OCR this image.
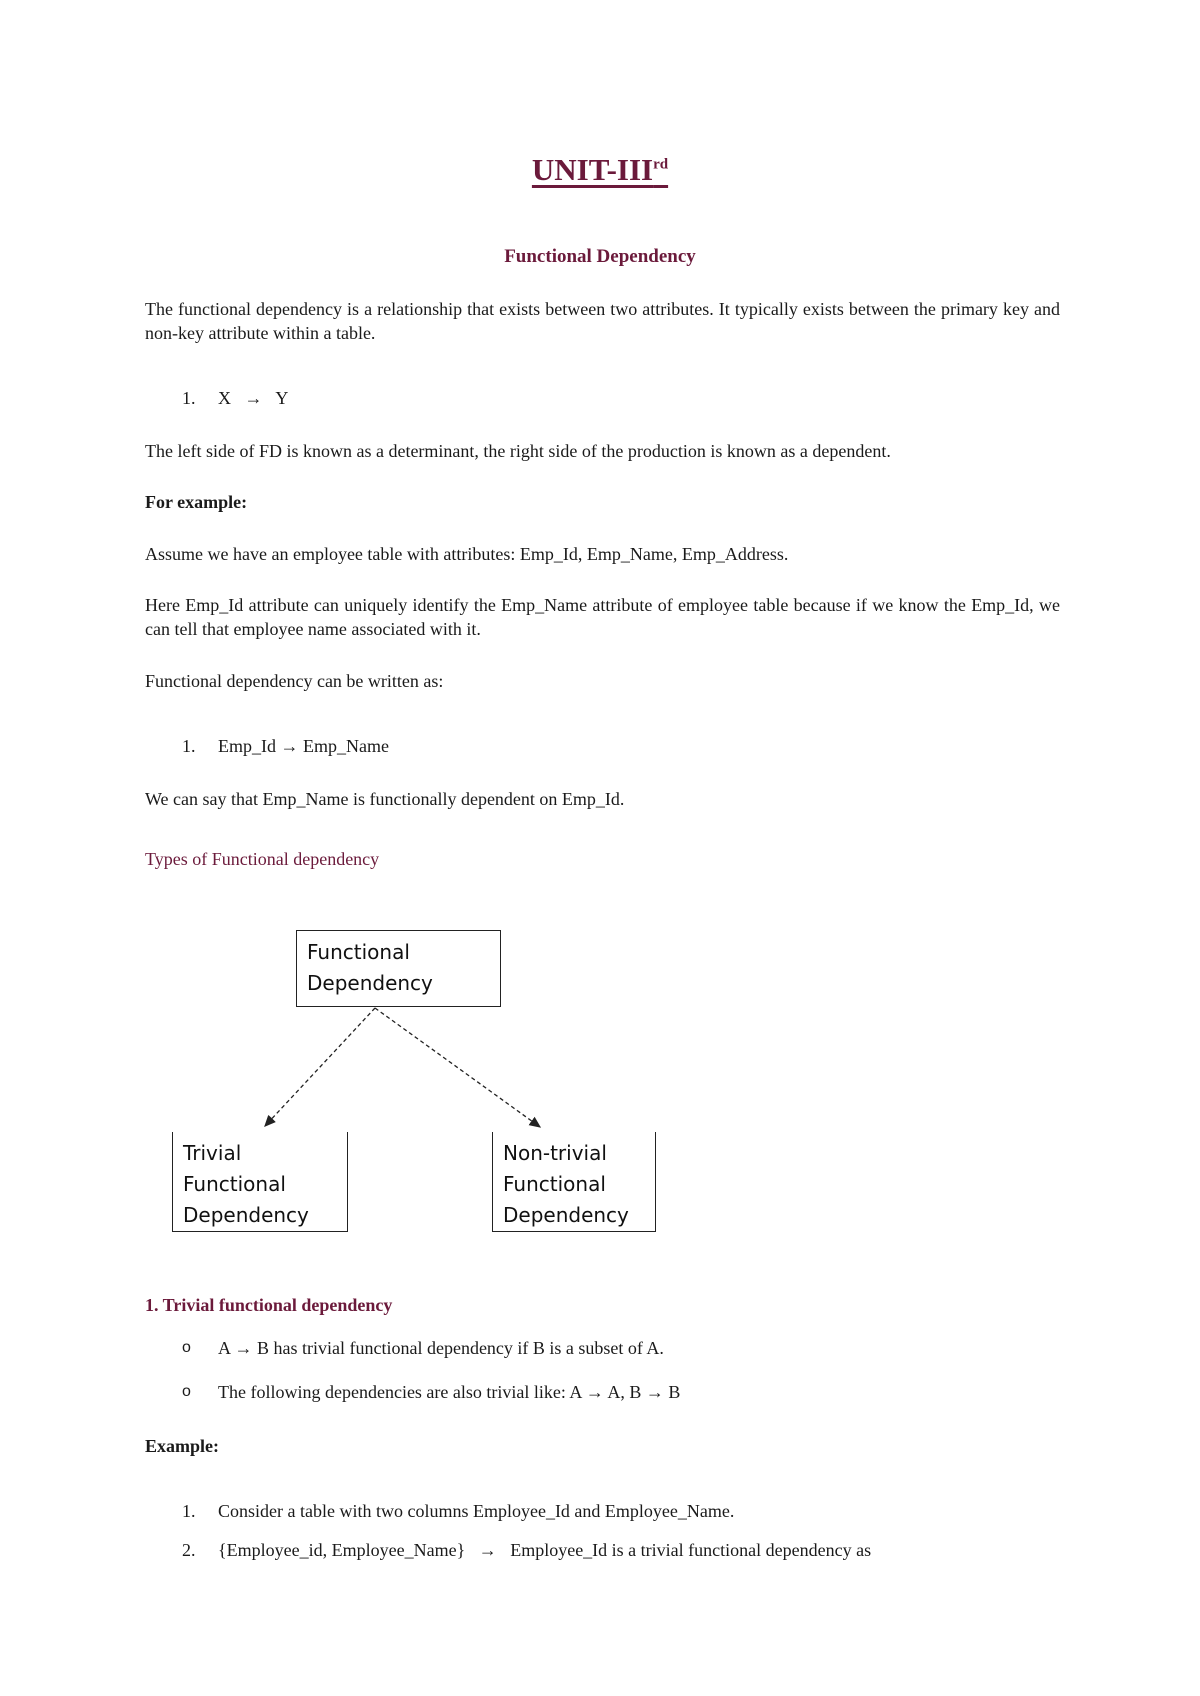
UNIT-IIIrd
Functional Dependency
The functional dependency is a relationship that exists between two attributes. It typically exists between the primary key and non-key attribute within a table.
1. X   →   Y
The left side of FD is known as a determinant, the right side of the production is known as a dependent.
For example:
Assume we have an employee table with attributes: Emp_Id, Emp_Name, Emp_Address.
Here Emp_Id attribute can uniquely identify the Emp_Name attribute of employee table because if we know the Emp_Id, we can tell that employee name associated with it.
Functional dependency can be written as:
1. Emp_Id → Emp_Name
We can say that Emp_Name is functionally dependent on Emp_Id.
Types of Functional dependency
Functional
Dependency
Trivial
Functional
Dependency
Non-trivial
Functional
Dependency
1. Trivial functional dependency
o A → B has trivial functional dependency if B is a subset of A.
o The following dependencies are also trivial like: A → A, B → B
Example:
1. Consider a table with two columns Employee_Id and Employee_Name.
2. {Employee_id, Employee_Name}   →   Employee_Id is a trivial functional dependency as
